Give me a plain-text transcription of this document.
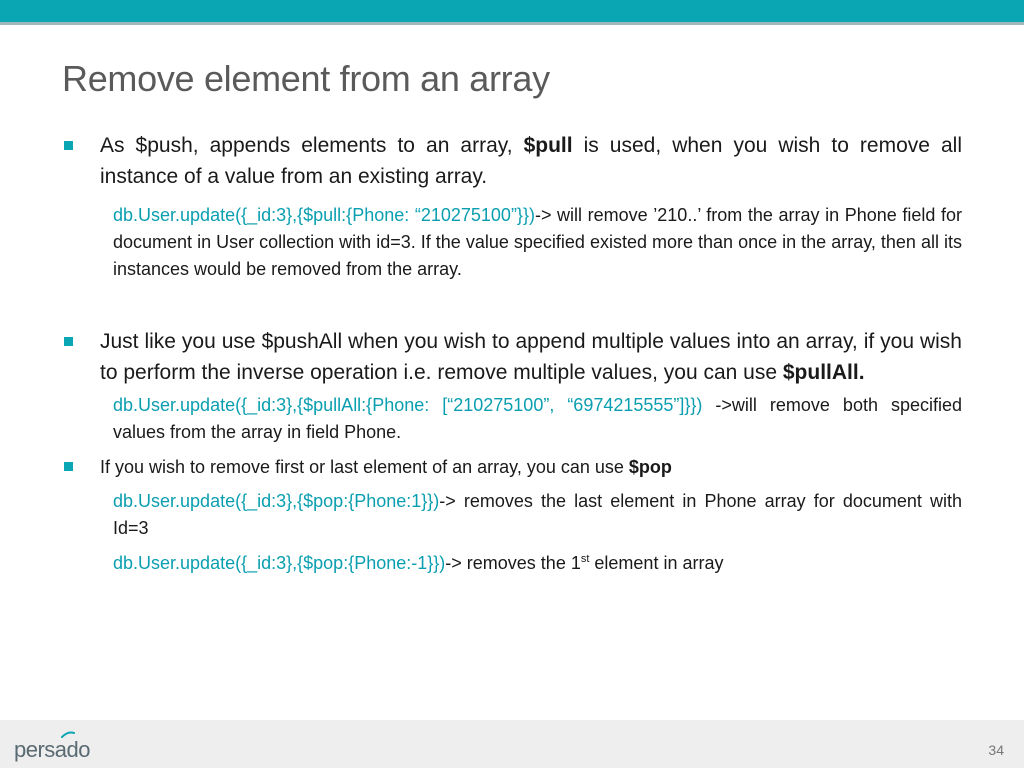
Remove element from an array
As $push, appends elements to an array, $pull is used, when you wish to remove all instance of a value from an existing array.
db.User.update({_id:3},{$pull:{Phone: “210275100”}})-> will remove ’210..’ from the array in Phone field for document in User collection with id=3. If the value specified existed more than once in the array, then all its instances would be removed from the array.
Just like you use $pushAll when you wish to append multiple values into an array, if you wish to perform the inverse operation i.e. remove multiple values, you can use $pullAll.
db.User.update({_id:3},{$pullAll:{Phone: [“210275100”, “6974215555”]}}) ->will remove both specified values from the array in field Phone.
If you wish to remove first or last element of an array, you can use $pop
db.User.update({_id:3},{$pop:{Phone:1}})-> removes the last element in Phone array for document with Id=3
db.User.update({_id:3},{$pop:{Phone:-1}})-> removes the 1st element in array
persado	34
